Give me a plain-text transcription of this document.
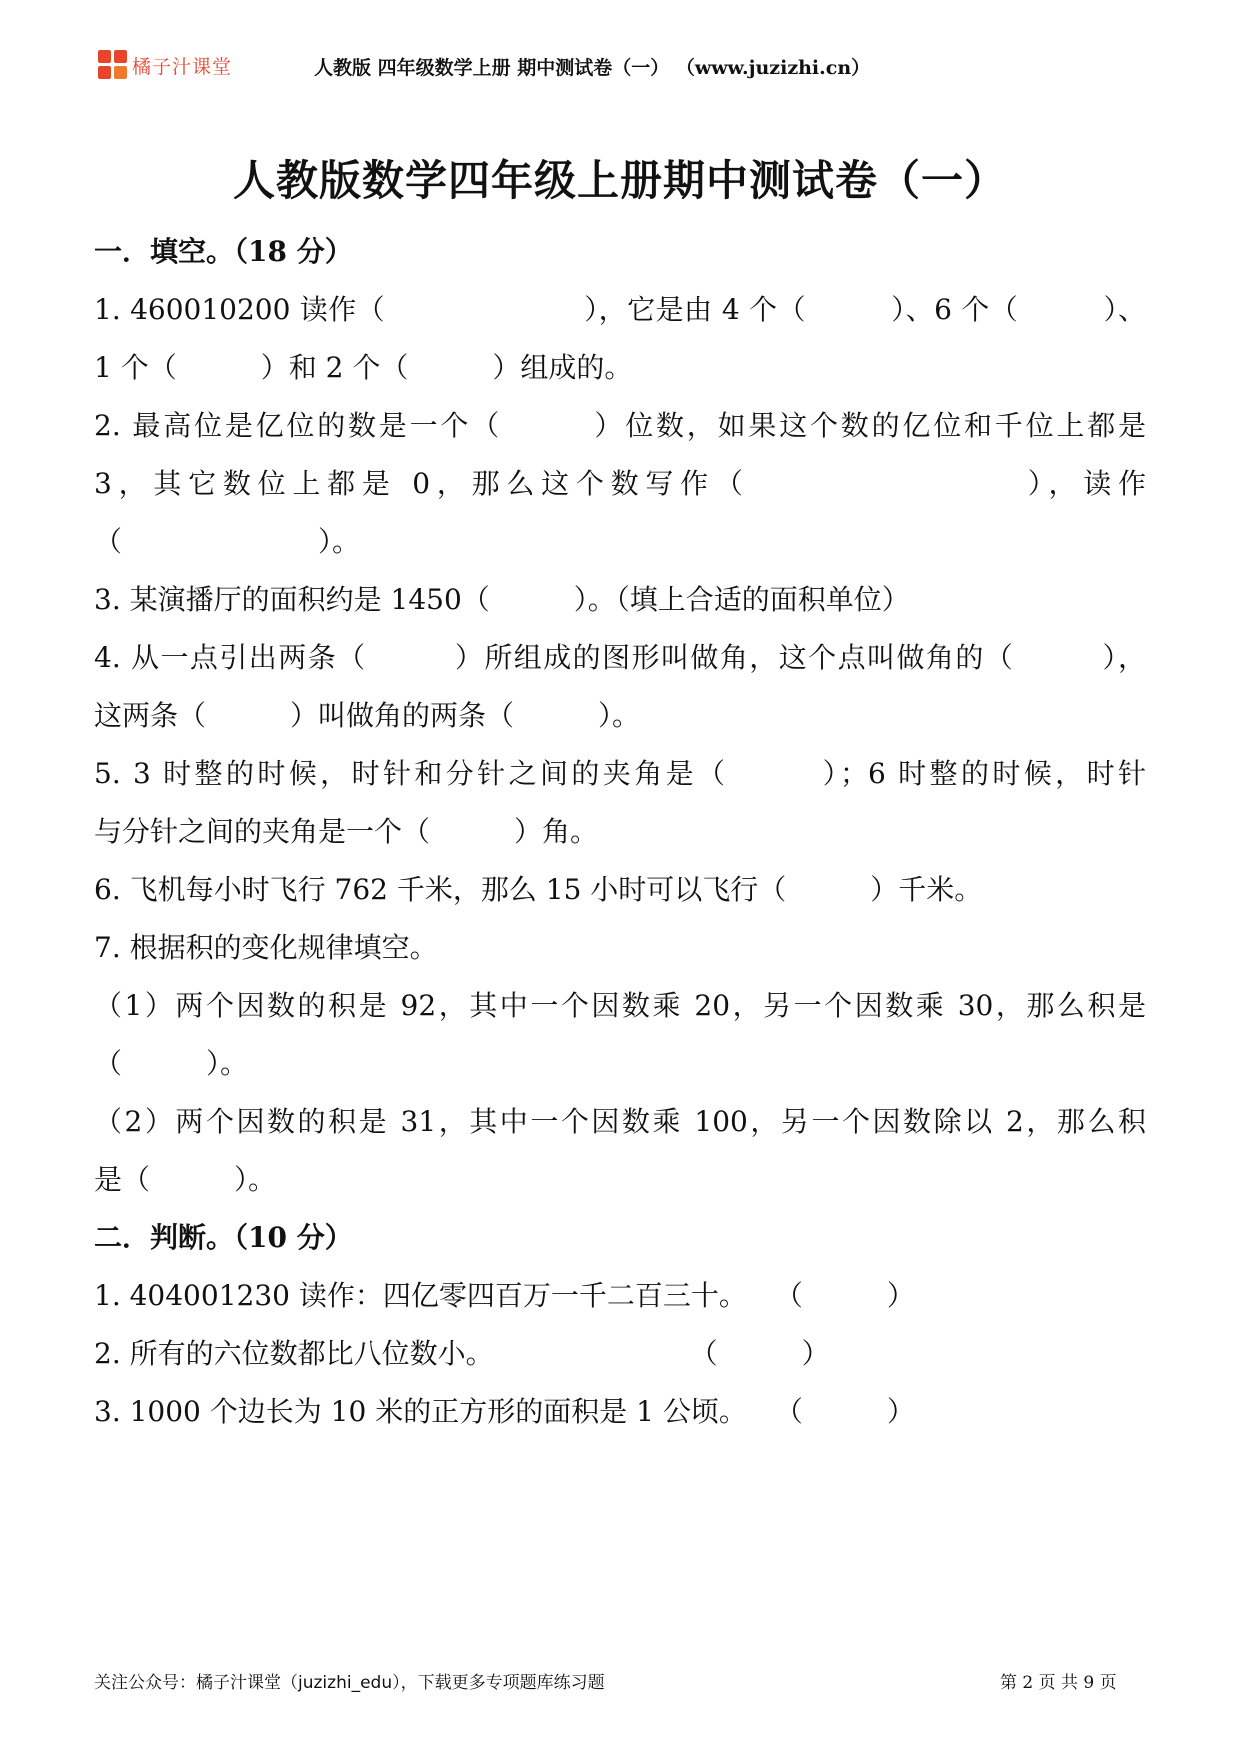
橘子汁课堂	人教版 四年级数学上册 期中测试卷（一） （www.juzizhi.cn）
人教版数学四年级上册期中测试卷（一）
一．填空。（18 分）
1. 460010200 读作（　　　　　　　），它是由 4 个（　　　）、6 个（　　　）、
1 个（　　　）和 2 个（　　　）组成的。
2. 最高位是亿位的数是一个（　　　）位数，如果这个数的亿位和千位上都是
3，其它数位上都是 0，那么这个数写作（　　　　　　　　），读作
（　　　　　　　）。
3. 某演播厅的面积约是 1450（　　　）。（填上合适的面积单位）
4. 从一点引出两条（　　　）所组成的图形叫做角，这个点叫做角的（　　　），
这两条（　　　）叫做角的两条（　　　）。
5. 3 时整的时候，时针和分针之间的夹角是（　　　）；6 时整的时候，时针
与分针之间的夹角是一个（　　　）角。
6. 飞机每小时飞行 762 千米，那么 15 小时可以飞行（　　　）千米。
7. 根据积的变化规律填空。
（1）两个因数的积是 92，其中一个因数乘 20，另一个因数乘 30，那么积是
（　　　）。
（2）两个因数的积是 31，其中一个因数乘 100，另一个因数除以 2，那么积
是（　　　）。
二．判断。（10 分）
1. 404001230 读作：四亿零四百万一千二百三十。　　（　　　）
2. 所有的六位数都比八位数小。　　　　　　　　（　　　）
3. 1000 个边长为 10 米的正方形的面积是 1 公顷。　　（　　　）
关注公众号：橘子汁课堂（juzizhi_edu），下载更多专项题库练习题	第 2 页 共 9 页
